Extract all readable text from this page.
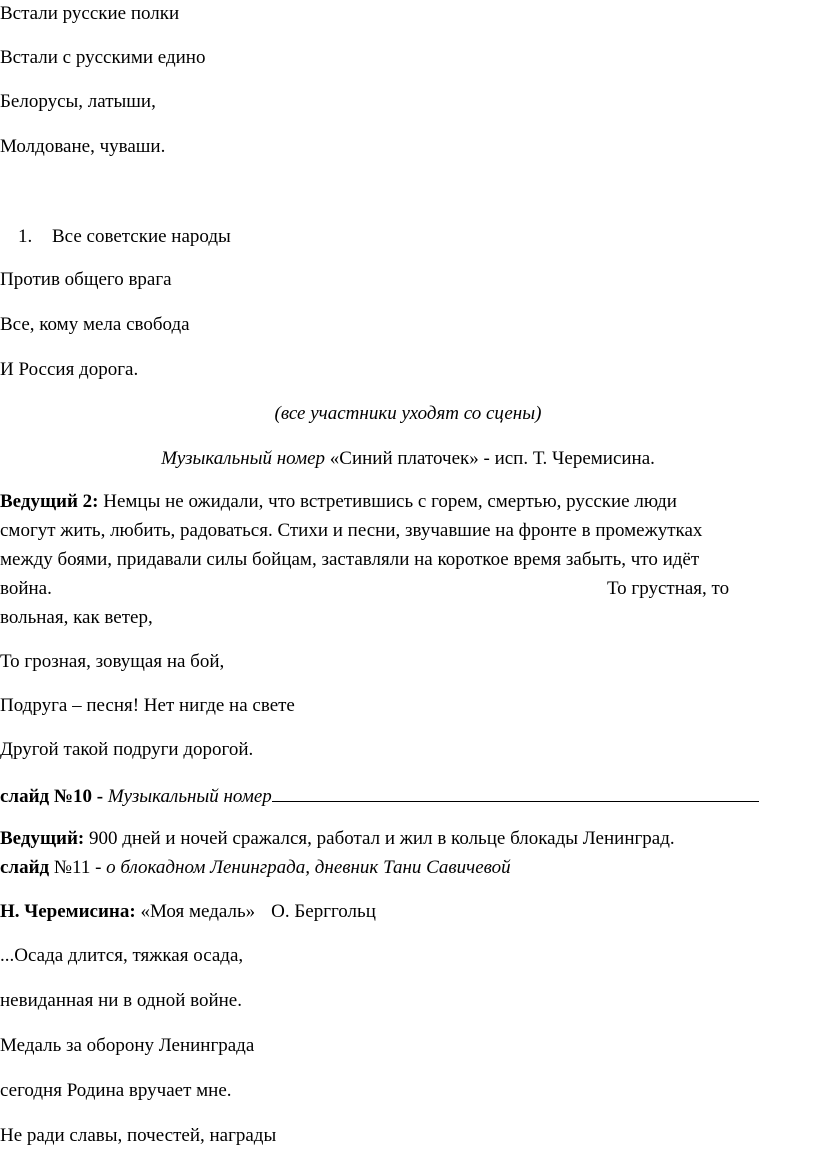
Встали русские полки
Встали с русскими едино
Белорусы, латыши,
Молдоване, чуваши.
1. Все советские народы
Против общего врага
Все, кому мела свобода
И Россия дорога.
(все участники уходят со сцены)
Музыкальный номер «Синий платочек» - исп. Т. Черемисина.
Ведущий 2: Немцы не ожидали, что встретившись с горем, смертью, русские люди
смогут жить, любить, радоваться. Стихи и песни, звучавшие на фронте в промежутках
между боями, придавали силы бойцам, заставляли на короткое время забыть, что идёт
война.	То грустная, то
вольная, как ветер,
То грозная, зовущая на бой,
Подруга – песня! Нет нигде на свете
Другой такой подруги дорогой.
слайд №10 - Музыкальный номер
Ведущий: 900 дней и ночей сражался, работал и жил в кольце блокады Ленинград.
слайд №11 - о блокадном Ленинграда, дневник Тани Савичевой
Н. Черемисина: «Моя медаль» О. Берггольц
...Осада длится, тяжкая осада,
невиданная ни в одной войне.
Медаль за оборону Ленинграда
сегодня Родина вручает мне.
Не ради славы, почестей, награды
